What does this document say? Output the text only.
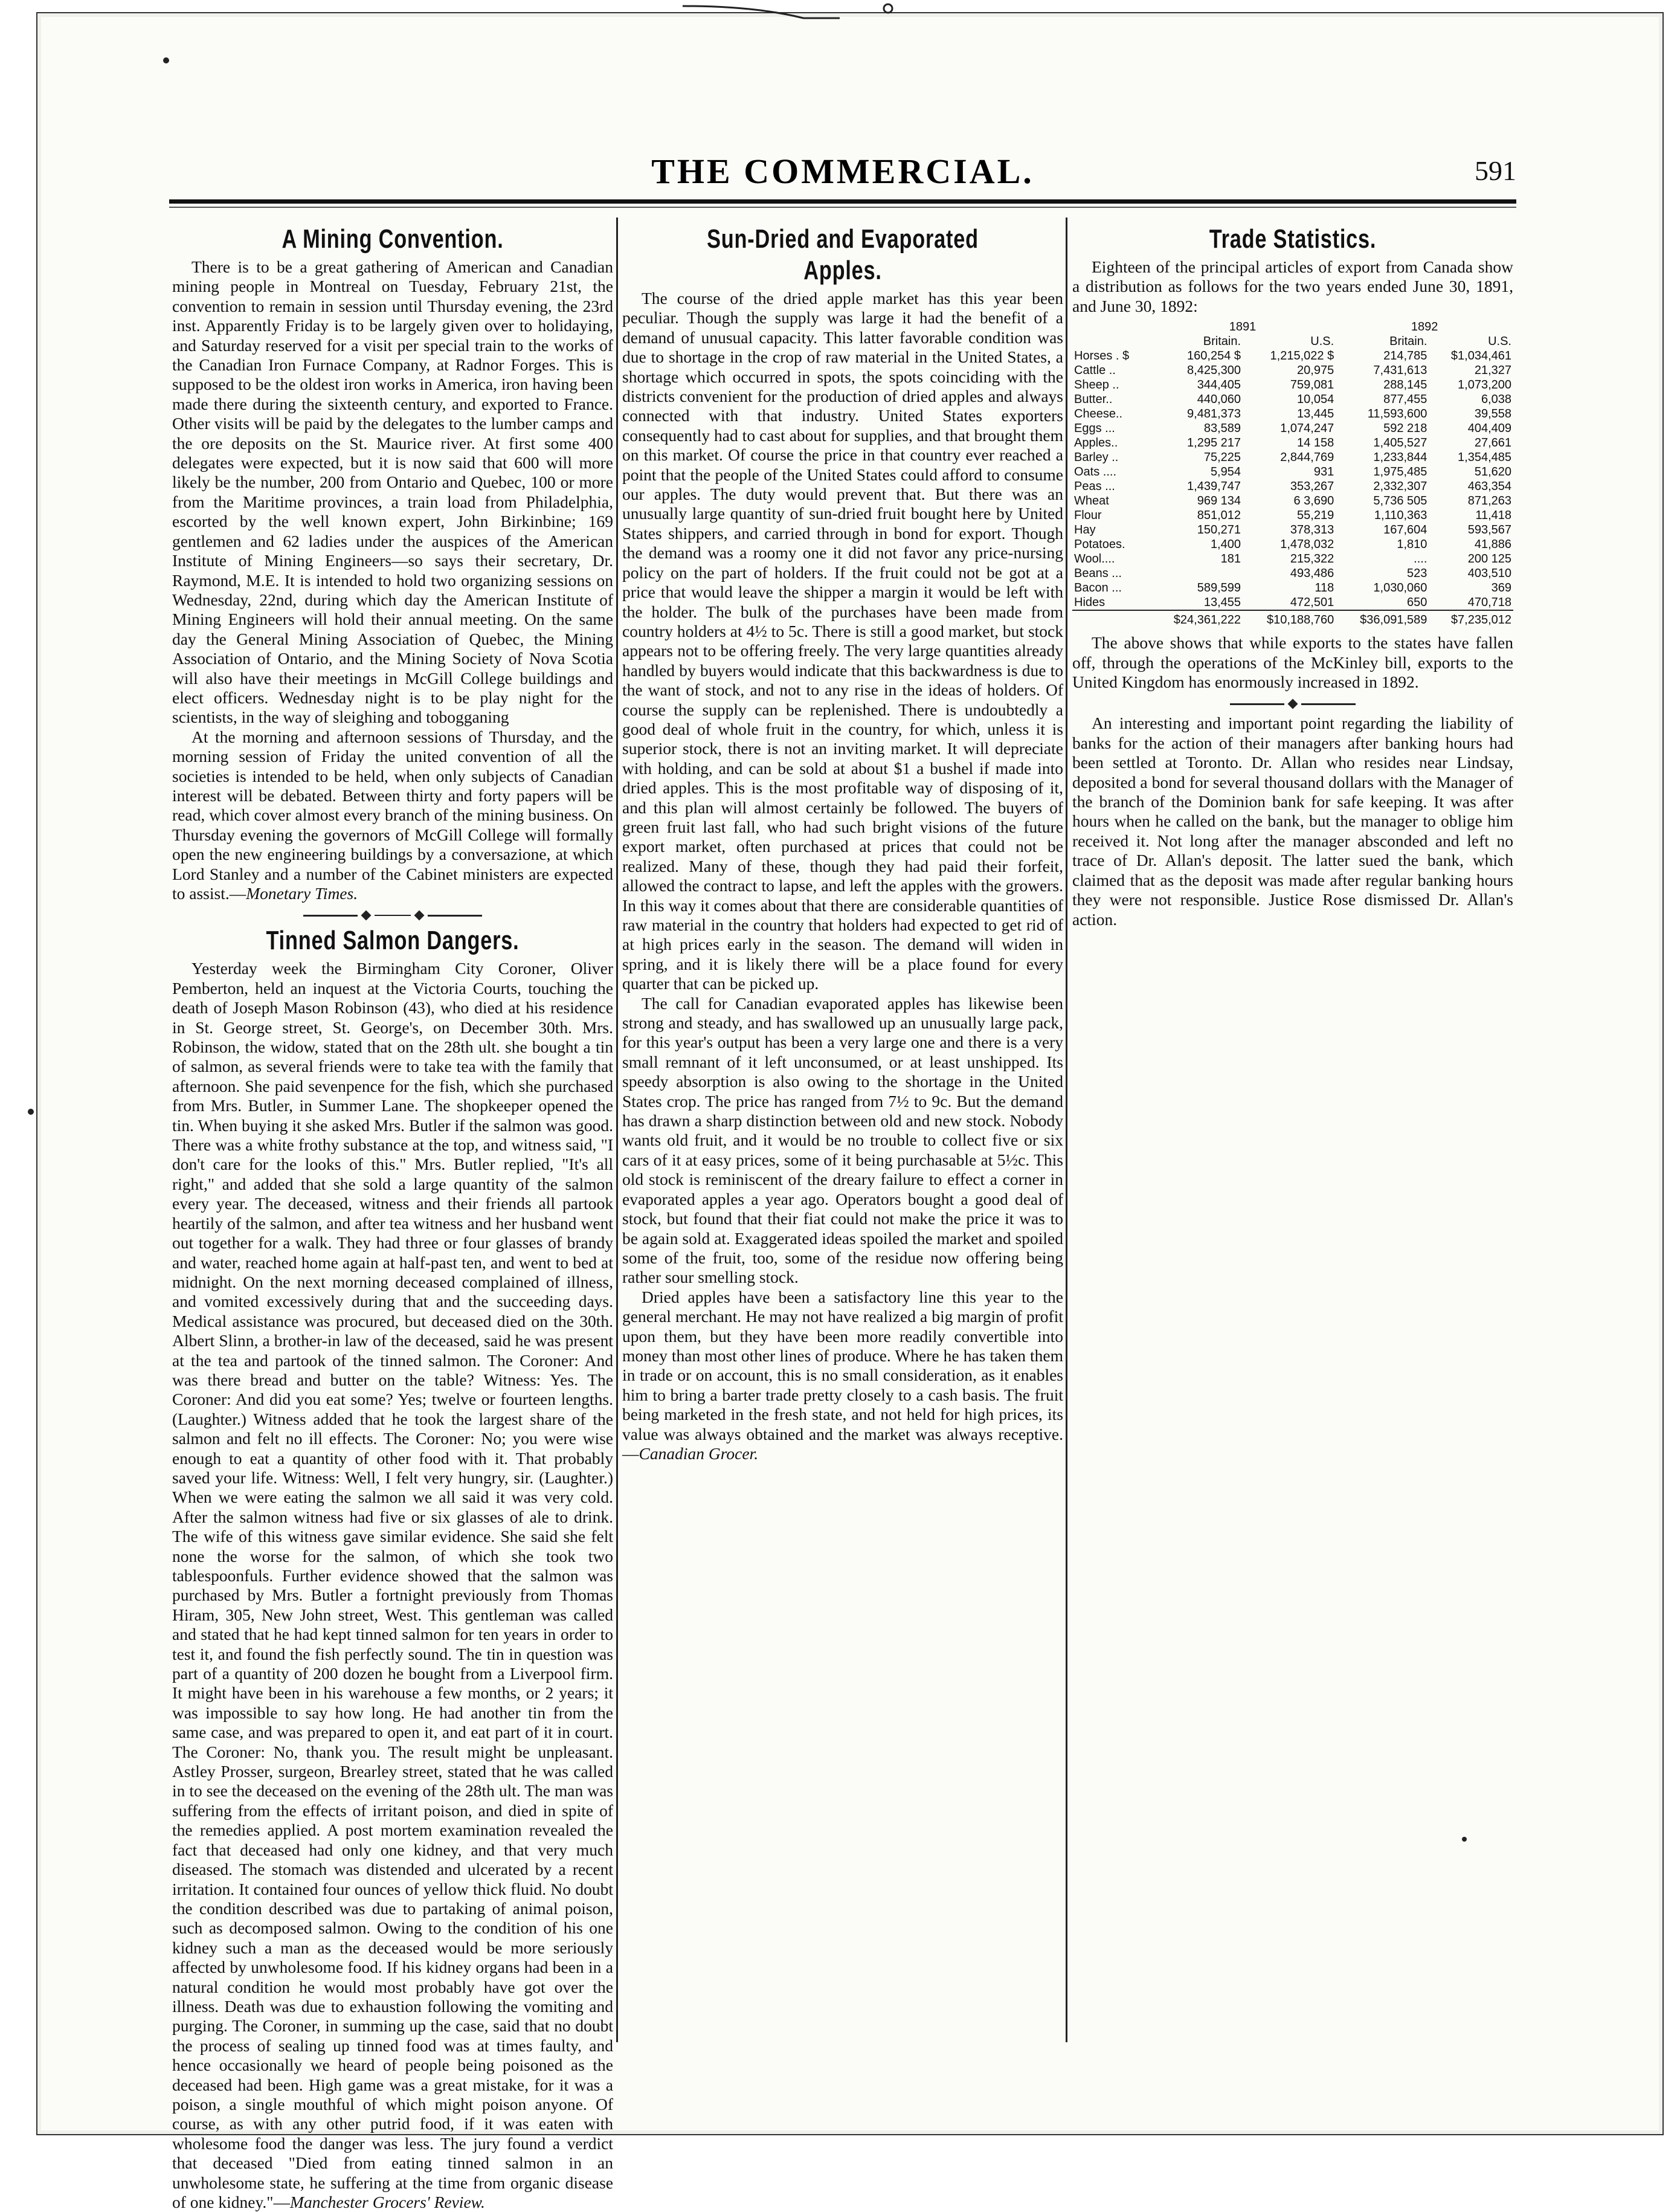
THE COMMERCIAL.	591
A Mining Convention.

There is to be a great gathering of American and Canadian mining people in Montreal on Tuesday, February 21st, the convention to remain in session until Thursday evening, the 23rd inst. Apparently Friday is to be largely given over to holidaying, and Saturday reserved for a visit per special train to the works of the Canadian Iron Furnace Company, at Radnor Forges. This is supposed to be the oldest iron works in America, iron having been made there during the sixteenth century, and exported to France. Other visits will be paid by the delegates to the lumber camps and the ore deposits on the St. Maurice river. At first some 400 delegates were expected, but it is now said that 600 will more likely be the number, 200 from Ontario and Quebec, 100 or more from the Maritime provinces, a train load from Philadelphia, escorted by the well known expert, John Birkinbine; 169 gentlemen and 62 ladies under the auspices of the American Institute of Mining Engineers—so says their secretary, Dr. Raymond, M.E. It is intended to hold two organizing sessions on Wednesday, 22nd, during which day the American Institute of Mining Engineers will hold their annual meeting. On the same day the General Mining Association of Quebec, the Mining Association of Ontario, and the Mining Society of Nova Scotia will also have their meetings in McGill College buildings and elect officers. Wednesday night is to be play night for the scientists, in the way of sleighing and tobogganing

At the morning and afternoon sessions of Thursday, and the morning session of Friday the united convention of all the societies is intended to be held, when only subjects of Canadian interest will be debated. Between thirty and forty papers will be read, which cover almost every branch of the mining business. On Thursday evening the governors of McGill College will formally open the new engineering buildings by a conversazione, at which Lord Stanley and a number of the Cabinet ministers are expected to assist.—Monetary Times.

Tinned Salmon Dangers.

Yesterday week the Birmingham City Coroner, Oliver Pemberton, held an inquest at the Victoria Courts, touching the death of Joseph Mason Robinson (43), who died at his residence in St. George street, St. George's, on December 30th. Mrs. Robinson, the widow, stated that on the 28th ult. she bought a tin of salmon, as several friends were to take tea with the family that afternoon. She paid sevenpence for the fish, which she purchased from Mrs. Butler, in Summer Lane. The shopkeeper opened the tin. When buying it she asked Mrs. Butler if the salmon was good. There was a white frothy substance at the top, and witness said, "I don't care for the looks of this." Mrs. Butler replied, "It's all right," and added that she sold a large quantity of the salmon every year. The deceased, witness and their friends all partook heartily of the salmon, and after tea witness and her husband went out together for a walk. They had three or four glasses of brandy and water, reached home again at half-past ten, and went to bed at midnight. On the next morning deceased complained of illness, and vomited excessively during that and the succeeding days. Medical assistance was procured, but deceased died on the 30th. Albert Slinn, a brother-in law of the deceased, said he was present at the tea and partook of the tinned salmon. The Coroner: And was there bread and butter on the table? Witness: Yes. The Coroner: And did you eat some? Yes; twelve or fourteen lengths. (Laughter.) Witness added that he took the largest share of the salmon and felt no ill effects. The Coroner: No; you were wise enough to eat a quantity of other food with it. That probably saved your life. Witness: Well, I felt very hungry, sir. (Laughter.) When we were eating the salmon we all said it was very cold. After the salmon witness had five or six glasses of ale to drink. The wife of this witness gave similar evidence. She said she felt none the worse for the salmon, of which she took two tablespoonfuls. Further evidence showed that the salmon was purchased by Mrs. Butler a fortnight previously from Thomas Hiram, 305, New John street, West. This gentleman was called and stated that he had kept tinned salmon for ten years in order to test it, and found the fish perfectly sound. The tin in question was part of a quantity of 200 dozen he bought from a Liverpool firm. It might have been in his warehouse a few months, or 2 years; it was impossible to say how long. He had another tin from the same case, and was prepared to open it, and eat part of it in court. The Coroner: No, thank you. The result might be unpleasant. Astley Prosser, surgeon, Brearley street, stated that he was called in to see the deceased on the evening of the 28th ult. The man was suffering from the effects of irritant poison, and died in spite of the remedies applied. A post mortem examination revealed the fact that deceased had only one kidney, and that very much diseased. The stomach was distended and ulcerated by a recent irritation. It contained four ounces of yellow thick fluid. No doubt the condition described was due to partaking of animal poison, such as decomposed salmon. Owing to the condition of his one kidney such a man as the deceased would be more seriously affected by unwholesome food. If his kidney organs had been in a natural condition he would most probably have got over the illness. Death was due to exhaustion following the vomiting and purging. The Coroner, in summing up the case, said that no doubt the process of sealing up tinned food was at times faulty, and hence occasionally we heard of people being poisoned as the deceased had been. High game was a great mistake, for it was a poison, a single mouthful of which might poison anyone. Of course, as with any other putrid food, if it was eaten with wholesome food the danger was less. The jury found a verdict that deceased "Died from eating tinned salmon in an unwholesome state, he suffering at the time from organic disease of one kidney."—Manchester Grocers' Review.

Sun-Dried and Evaporated Apples.

The course of the dried apple market has this year been peculiar. Though the supply was large it had the benefit of a demand of unusual capacity. This latter favorable condition was due to shortage in the crop of raw material in the United States, a shortage which occurred in spots, the spots coinciding with the districts convenient for the production of dried apples and always connected with that industry. United States exporters consequently had to cast about for supplies, and that brought them on this market. Of course the price in that country ever reached a point that the people of the United States could afford to consume our apples. The duty would prevent that. But there was an unusually large quantity of sun-dried fruit bought here by United States shippers, and carried through in bond for export. Though the demand was a roomy one it did not favor any price-nursing policy on the part of holders. If the fruit could not be got at a price that would leave the shipper a margin it would be left with the holder. The bulk of the purchases have been made from country holders at 4½ to 5c. There is still a good market, but stock appears not to be offering freely. The very large quantities already handled by buyers would indicate that this backwardness is due to the want of stock, and not to any rise in the ideas of holders. Of course the supply can be replenished. There is undoubtedly a good deal of whole fruit in the country, for which, unless it is superior stock, there is not an inviting market. It will depreciate with holding, and can be sold at about $1 a bushel if made into dried apples. This is the most profitable way of disposing of it, and this plan will almost certainly be followed. The buyers of green fruit last fall, who had such bright visions of the future export market, often purchased at prices that could not be realized. Many of these, though they had paid their forfeit, allowed the contract to lapse, and left the apples with the growers. In this way it comes about that there are considerable quantities of raw material in the country that holders had expected to get rid of at high prices early in the season. The demand will widen in spring, and it is likely there will be a place found for every quarter that can be picked up.

The call for Canadian evaporated apples has likewise been strong and steady, and has swallowed up an unusually large pack, for this year's output has been a very large one and there is a very small remnant of it left unconsumed, or at least unshipped. Its speedy absorption is also owing to the shortage in the United States crop. The price has ranged from 7½ to 9c. But the demand has drawn a sharp distinction between old and new stock. Nobody wants old fruit, and it would be no trouble to collect five or six cars of it at easy prices, some of it being purchasable at 5½c. This old stock is reminiscent of the dreary failure to effect a corner in evaporated apples a year ago. Operators bought a good deal of stock, but found that their fiat could not make the price it was to be again sold at. Exaggerated ideas spoiled the market and spoiled some of the fruit, too, some of the residue now offering being rather sour smelling stock.

Dried apples have been a satisfactory line this year to the general merchant. He may not have realized a big margin of profit upon them, but they have been more readily convertible into money than most other lines of produce. Where he has taken them in trade or on account, this is no small consideration, as it enables him to bring a barter trade pretty closely to a cash basis. The fruit being marketed in the fresh state, and not held for high prices, its value was always obtained and the market was always receptive.—Canadian Grocer.

Trade Statistics.

Eighteen of the principal articles of export from Canada show a distribution as follows for the two years ended June 30, 1891, and June 30, 1892:

	1891		1892	
	Britain.	U.S.	Britain.	U.S.
Horses . $	160,254 $	1,215,022 $	214,785	$1,034,461
Cattle ..	8,425,300	20,975	7,431,613	21,327
Sheep ..	344,405	759,081	288,145	1,073,200
Butter..	440,060	10,054	877,455	6,038
Cheese..	9,481,373	13,445	11,593,600	39,558
Eggs ...	83,589	1,074,247	592 218	404,409
Apples..	1,295 217	14 158	1,405,527	27,661
Barley ..	75,225	2,844,769	1,233,844	1,354,485
Oats ....	5,954	931	1,975,485	51,620
Peas ...	1,439,747	353,267	2,332,307	463,354
Wheat	969 134	6 3,690	5,736 505	871,263
Flour	851,012	55,219	1,110,363	11,418
Hay	150,271	378,313	167,604	593,567
Potatoes.	1,400	1,478,032	1,810	41,886
Wool....	181	215,322	....	200 125
Beans ...		493,486	523	403,510
Bacon ...	589,599	118	1,030,060	369
Hides	13,455	472,501	650	470,718
	$24,361,222	$10,188,760	$36,091,589	$7,235,012

The above shows that while exports to the states have fallen off, through the operations of the McKinley bill, exports to the United Kingdom has enormously increased in 1892.

An interesting and important point regarding the liability of banks for the action of their managers after banking hours had been settled at Toronto. Dr. Allan who resides near Lindsay, deposited a bond for several thousand dollars with the Manager of the branch of the Dominion bank for safe keeping. It was after hours when he called on the bank, but the manager to oblige him received it. Not long after the manager absconded and left no trace of Dr. Allan's deposit. The latter sued the bank, which claimed that as the deposit was made after regular banking hours they were not responsible. Justice Rose dismissed Dr. Allan's action.
